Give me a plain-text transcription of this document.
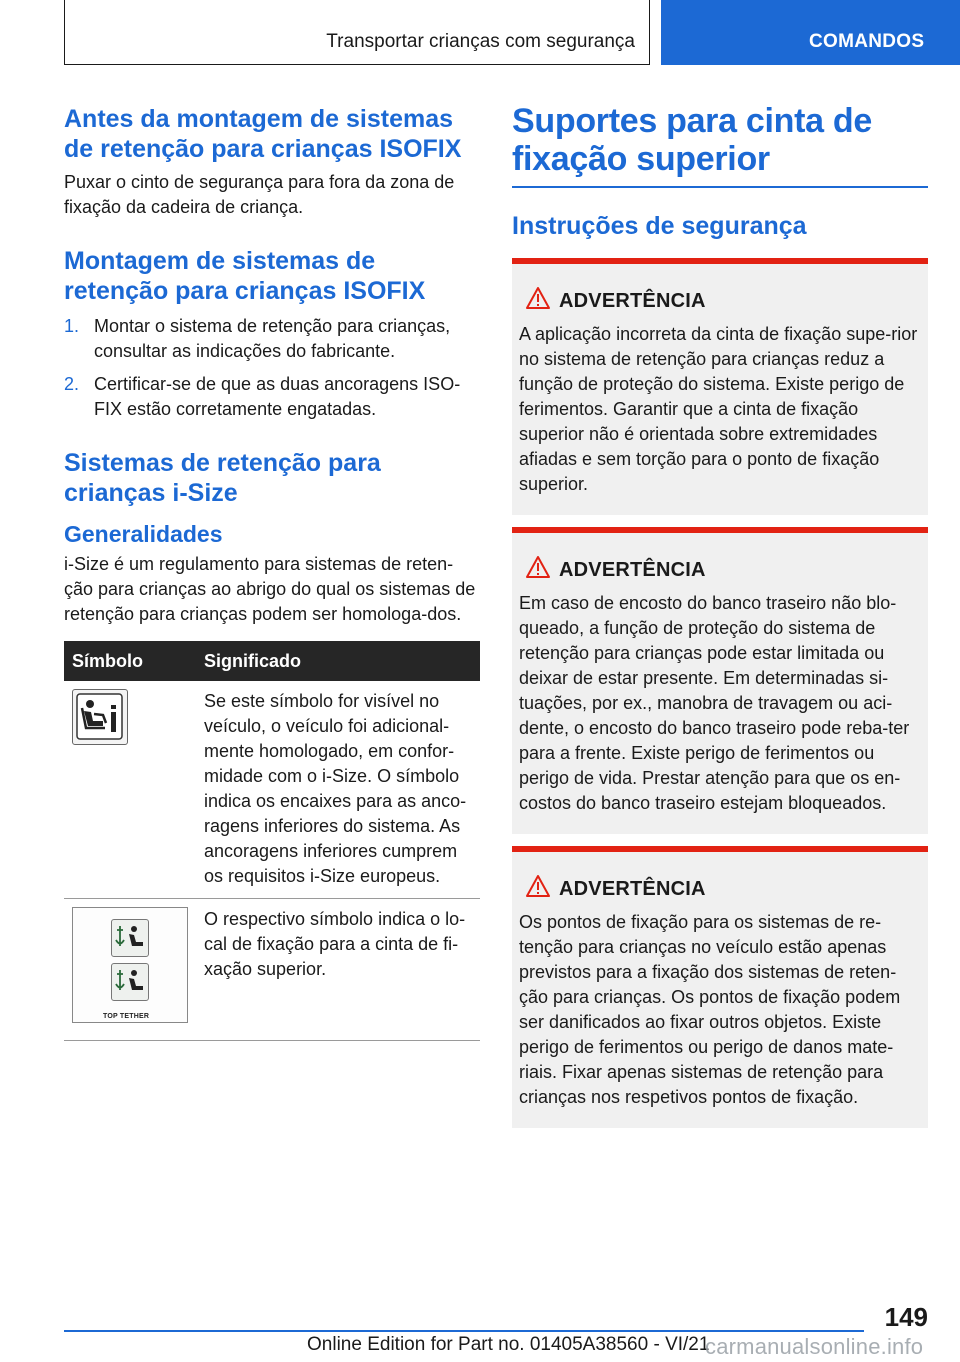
Transportar crianças com segurança	COMANDOS
Antes da montagem de sistemas de retenção para crianças ISOFIX
Puxar o cinto de segurança para fora da zona de fixação da cadeira de criança.
Montagem de sistemas de retenção para crianças ISOFIX
1. Montar o sistema de retenção para crianças, consultar as indicações do fabricante.
2. Certificar-se de que as duas ancoragens ISO‐FIX estão corretamente engatadas.
Sistemas de retenção para crianças i‑Size
Generalidades
i‑Size é um regulamento para sistemas de reten‐ção para crianças ao abrigo do qual os sistemas de retenção para crianças podem ser homologa‐dos.
Símbolo	Significado

	Se este símbolo for visível no veículo, o veículo foi adicional‐mente homologado, em confor‐midade com o i‑Size. O símbolo indica os encaixes para as anco‐ragens inferiores do sistema. As ancoragens inferiores cumprem os requisitos i‑Size europeus.

TOP TETHER	O respectivo símbolo indica o lo‐cal de fixação para a cinta de fi‐xação superior.
Suportes para cinta de fixação superior
Instruções de segurança
ADVERTÊNCIA
A aplicação incorreta da cinta de fixação supe‐rior no sistema de retenção para crianças reduz a função de proteção do sistema. Existe perigo de ferimentos. Garantir que a cinta de fixação superior não é orientada sobre extremidades afiadas e sem torção para o ponto de fixação superior.
ADVERTÊNCIA
Em caso de encosto do banco traseiro não blo‐queado, a função de proteção do sistema de retenção para crianças pode estar limitada ou deixar de estar presente. Em determinadas si‐tuações, por ex., manobra de travagem ou aci‐dente, o encosto do banco traseiro pode reba‐ter para a frente. Existe perigo de ferimentos ou perigo de vida. Prestar atenção para que os en‐costos do banco traseiro estejam bloqueados.
ADVERTÊNCIA
Os pontos de fixação para os sistemas de re‐tenção para crianças no veículo estão apenas previstos para a fixação dos sistemas de reten‐ção para crianças. Os pontos de fixação podem ser danificados ao fixar outros objetos. Existe perigo de ferimentos ou perigo de danos mate‐riais. Fixar apenas sistemas de retenção para crianças nos respetivos pontos de fixação.
149
Online Edition for Part no. 01405A38560 - VI/21
carmanualsonline.info
